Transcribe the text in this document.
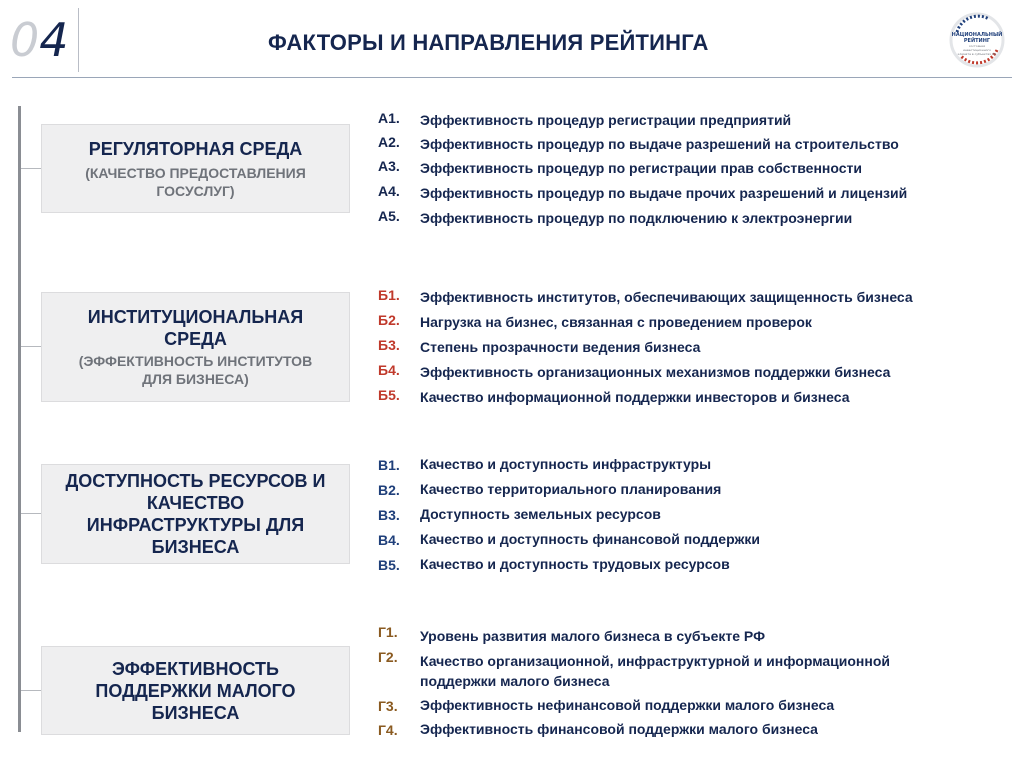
04	ФАКТОРЫ И НАПРАВЛЕНИЯ РЕЙТИНГА	НАЦИОНАЛЬНЫЙ
РЕЙТИНГ
состояния
инвестиционного
климата в субъектах РФ
РЕГУЛЯТОРНАЯ СРЕДА
(КАЧЕСТВО ПРЕДОСТАВЛЕНИЯ
ГОСУСЛУГ)
А1. Эффективность процедур регистрации предприятий
А2. Эффективность процедур по выдаче разрешений на строительство
А3. Эффективность процедур по регистрации прав собственности
А4. Эффективность процедур по выдаче прочих разрешений и лицензий
А5. Эффективность процедур по подключению к электроэнергии
ИНСТИТУЦИОНАЛЬНАЯ
СРЕДА
(ЭФФЕКТИВНОСТЬ ИНСТИТУТОВ
ДЛЯ БИЗНЕСА)
Б1. Эффективность институтов, обеспечивающих защищенность бизнеса
Б2. Нагрузка на бизнес, связанная с проведением проверок
Б3. Степень прозрачности ведения бизнеса
Б4. Эффективность организационных механизмов поддержки бизнеса
Б5. Качество информационной поддержки инвесторов и бизнеса
ДОСТУПНОСТЬ РЕСУРСОВ И
КАЧЕСТВО
ИНФРАСТРУКТУРЫ ДЛЯ
БИЗНЕСА
В1. Качество и доступность инфраструктуры
В2. Качество территориального планирования
В3. Доступность земельных ресурсов
В4. Качество и доступность финансовой поддержки
В5. Качество и доступность трудовых ресурсов
ЭФФЕКТИВНОСТЬ
ПОДДЕРЖКИ МАЛОГО
БИЗНЕСА
Г1. Уровень развития малого бизнеса в субъекте РФ
Г2. Качество организационной, инфраструктурной и информационной
поддержки малого бизнеса
Г3. Эффективность нефинансовой поддержки малого бизнеса
Г4. Эффективность финансовой поддержки малого бизнеса
